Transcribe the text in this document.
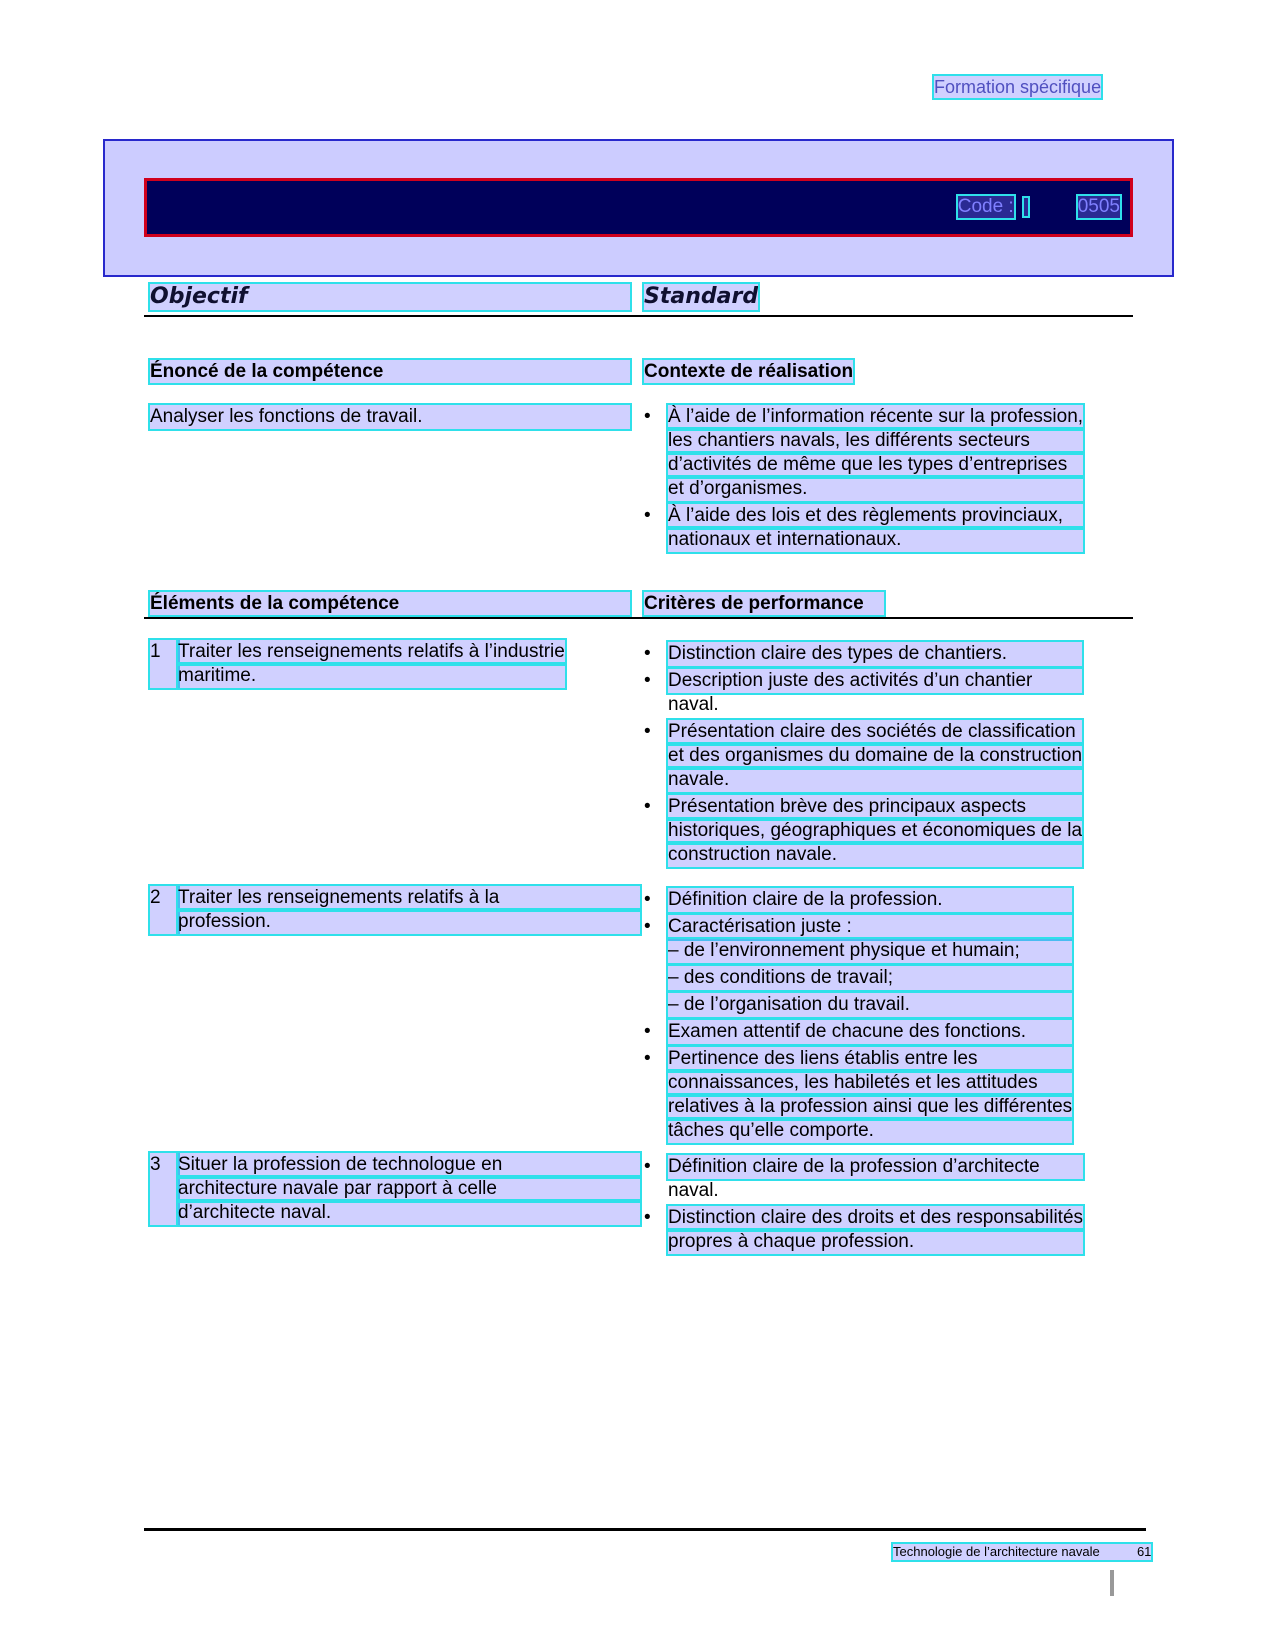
Formation spécifique
Code :	0505
Objectif	Standard
Énoncé de la compétence	Contexte de réalisation
Analyser les fonctions de travail.
•	À l’aide de l’information récente sur la profession,
les chantiers navals, les différents secteurs
d’activités de même que les types d’entreprises
et d’organismes.
• À l’aide des lois et des règlements provinciaux,
nationaux et internationaux.
Éléments de la compétence	Critères de performance
1 Traiter les renseignements relatifs à l’industrie
maritime.
• Distinction claire des types de chantiers.
• Description juste des activités d’un chantier
naval.
• Présentation claire des sociétés de classification
et des organismes du domaine de la construction
navale.
• Présentation brève des principaux aspects
historiques, géographiques et économiques de la
construction navale.
2 Traiter les renseignements relatifs à la
profession.
• Définition claire de la profession.
• Caractérisation juste :
– de l’environnement physique et humain;
– des conditions de travail;
– de l’organisation du travail.
• Examen attentif de chacune des fonctions.
• Pertinence des liens établis entre les
connaissances, les habiletés et les attitudes
relatives à la profession ainsi que les différentes
tâches qu’elle comporte.
3 Situer la profession de technologue en
architecture navale par rapport à celle
d’architecte naval.
• Définition claire de la profession d’architecte
naval.
• Distinction claire des droits et des responsabilités
propres à chaque profession.
Technologie de l’architecture navale	61
